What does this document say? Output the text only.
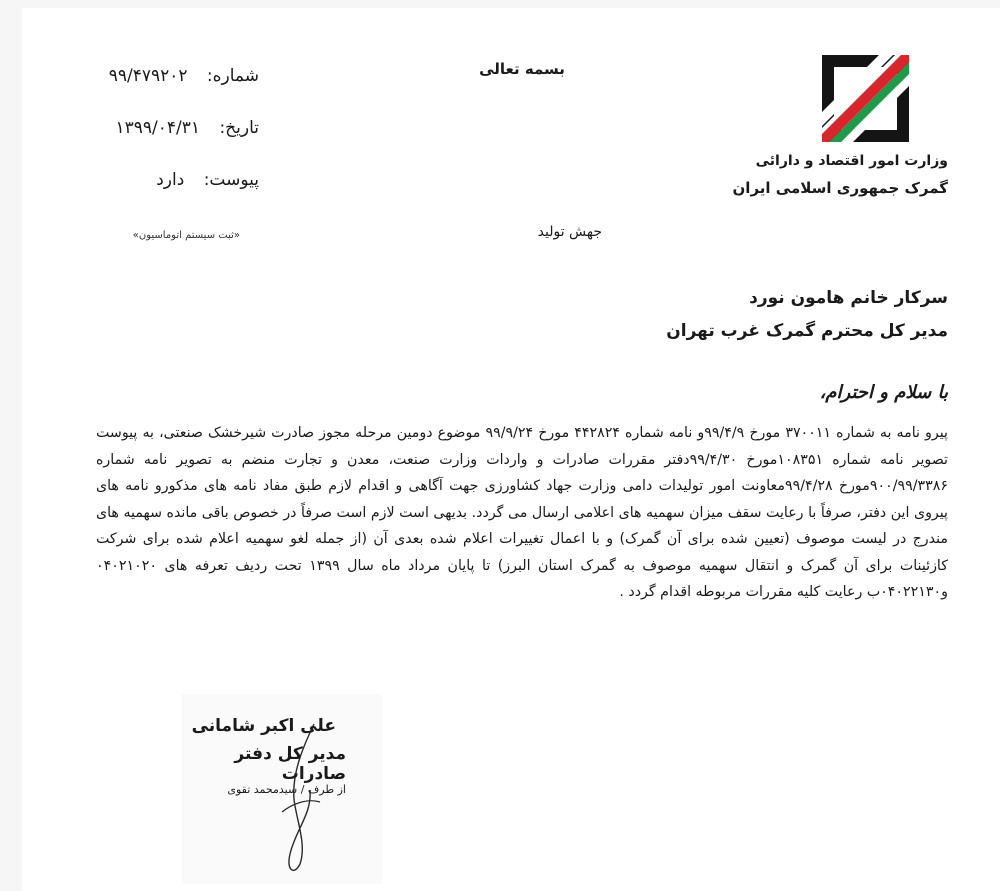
وزارت امور اقتصاد و دارائی
گمرک جمهوری اسلامی ایران
بسمه تعالی
جهش تولید
شماره: ۹۹/۴۷۹۲۰۲
تاریخ: ۱۳۹۹/۰۴/۳۱
پیوست: دارد
«ثبت سیستم اتوماسیون»
سرکار خانم هامون نورد
مدیر کل محترم گمرک غرب تهران
با سلام و احترام،

پیرو نامه به شماره ۳۷۰۰۱۱ مورخ ۹۹/۴/۹و نامه شماره ۴۴۲۸۲۴ مورخ ۹۹/۹/۲۴ موضوع دومین مرحله مجوز صادرت شیرخشک صنعتی، به پیوست تصویر نامه شماره ۱۰۸۳۵۱مورخ ۹۹/۴/۳۰دفتر مقررات صادرات و واردات وزارت صنعت، معدن و تجارت منضم به تصویر نامه شماره ۹۰۰/۹۹/۳۳۸۶مورخ ۹۹/۴/۲۸معاونت امور تولیدات دامی وزارت جهاد کشاورزی جهت آگاهی و اقدام لازم طبق مفاد نامه های مذکورو نامه های پیروی این دفتر، صرفاً با رعایت سقف میزان سهمیه های اعلامی ارسال می گردد. بدیهی است لازم است صرفاً در خصوص باقی مانده سهمیه های مندرج در لیست موصوف (تعیین شده برای آن گمرک) و با اعمال تغییرات اعلام شده بعدی آن (از جمله لغو سهمیه اعلام شده برای شرکت کازئینات برای آن گمرک و انتقال سهمیه موصوف به گمرک استان البرز) تا پایان مرداد ماه سال ۱۳۹۹ تحت ردیف تعرفه های ۰۴۰۲۱۰۲۰ و۰۴۰۲۲۱۳۰ب رعایت کلیه مقررات مربوطه اقدام گردد .

علی اکبر شامانی
مدیر کل دفتر صادرات
از طرف / سیدمحمد تقوی
